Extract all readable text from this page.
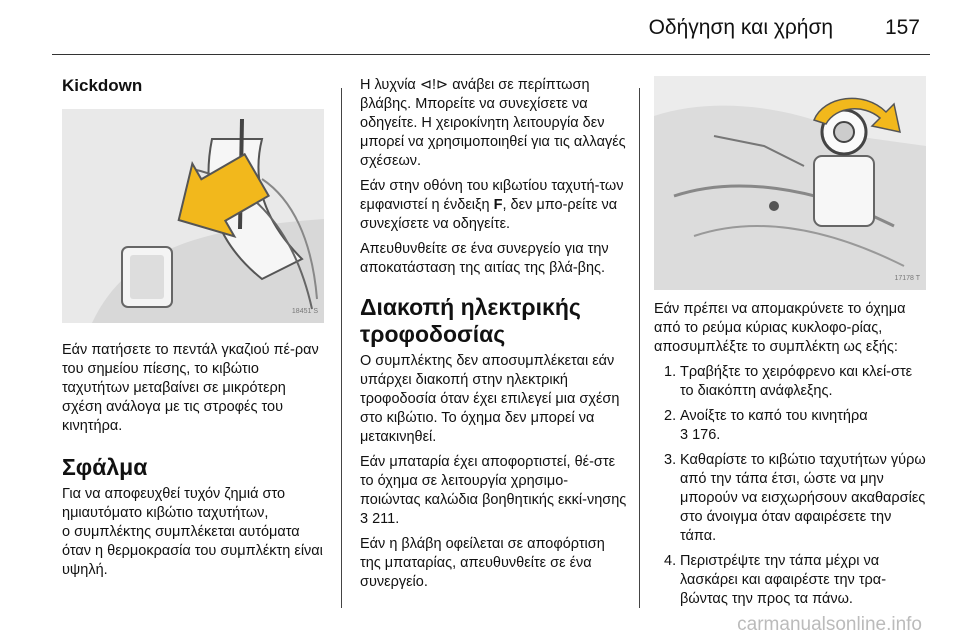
Οδήγηση και χρήση 157
Kickdown
18451 S

Εάν πατήσετε το πεντάλ γκαζιού πέ-ραν του σημείου πίεσης, το κιβώτιο ταχυτήτων μεταβαίνει σε μικρότερη σχέση ανάλογα με τις στροφές του κινητήρα.

Σφάλμα

Για να αποφευχθεί τυχόν ζημιά στο ημιαυτόματο κιβώτιο ταχυτήτων,

ο συμπλέκτης συμπλέκεται αυτόματα όταν η θερμοκρασία του συμπλέκτη είναι υψηλή.

Η λυχνία ⊲!⊳ ανάβει σε περίπτωση βλάβης. Μπορείτε να συνεχίσετε να οδηγείτε. Η χειροκίνητη λειτουργία δεν μπορεί να χρησιμοποιηθεί για τις αλλαγές σχέσεων.

Εάν στην οθόνη του κιβωτίου ταχυτή-των εμφανιστεί η ένδειξη F, δεν μπο-ρείτε να συνεχίσετε να οδηγείτε.

Απευθυνθείτε σε ένα συνεργείο για την αποκατάσταση της αιτίας της βλά-βης.

Διακοπή ηλεκτρικής τροφοδοσίας

Ο συμπλέκτης δεν αποσυμπλέκεται εάν υπάρχει διακοπή στην ηλεκτρική τροφοδοσία όταν έχει επιλεγεί μια σχέση στο κιβώτιο. Το όχημα δεν μπορεί να μετακινηθεί.

Εάν μπαταρία έχει αποφορτιστεί, θέ-στε το όχημα σε λειτουργία χρησιμο-ποιώντας καλώδια βοηθητικής εκκί-νησης 3 211.

Εάν η βλάβη οφείλεται σε αποφόρτιση της μπαταρίας, απευθυνθείτε σε ένα συνεργείο.

17178 T

Εάν πρέπει να απομακρύνετε το όχημα από το ρεύμα κύριας κυκλοφο-ρίας, αποσυμπλέξτε το συμπλέκτη ως εξής:

1. Τραβήξτε το χειρόφρενο και κλεί-στε το διακόπτη ανάφλεξης.
2. Ανοίξτε το καπό του κινητήρα
3 176.
3. Καθαρίστε το κιβώτιο ταχυτήτων γύρω από την τάπα έτσι, ώστε να μην μπορούν να εισχωρήσουν ακαθαρσίες στο άνοιγμα όταν αφαιρέσετε την τάπα.
4. Περιστρέψτε την τάπα μέχρι να λασκάρει και αφαιρέστε την τρα-βώντας την προς τα πάνω.
carmanualsonline.info
